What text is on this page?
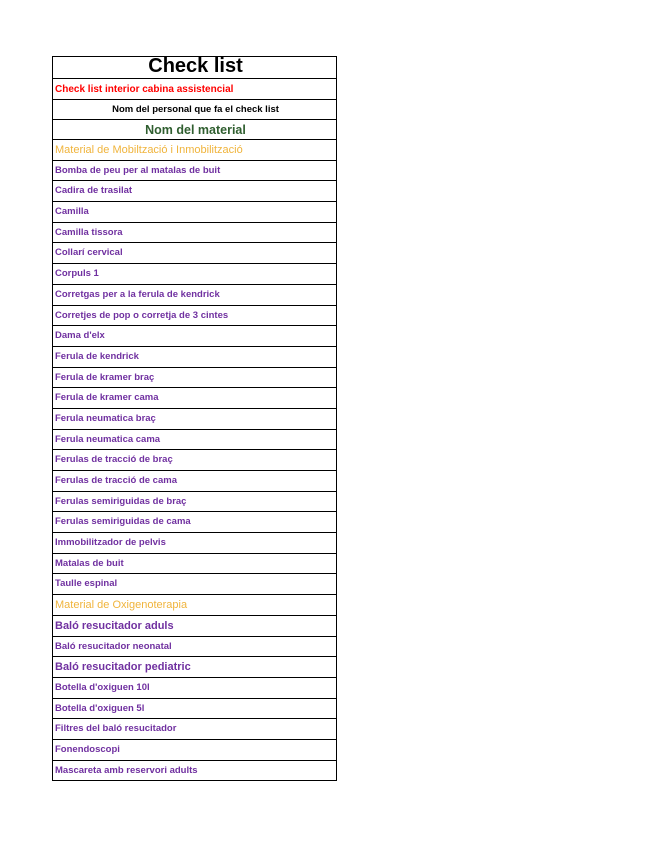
Check list
Check list interior cabina assistencial
Nom del personal que fa el check list
Nom del material
Material de Mobiltzació i Inmobilització
Bomba de peu per al matalas de buit
Cadira de trasilat
Camilla
Camilla tissora
Collarí cervical
Corpuls 1
Corretgas per a la ferula de kendrick
Corretjes de pop o corretja de 3 cintes
Dama d'elx
Ferula de kendrick
Ferula de kramer braç
Ferula de kramer cama
Ferula neumatica braç
Ferula neumatica cama
Ferulas de tracció de braç
Ferulas de tracció de cama
Ferulas semiriguidas de braç
Ferulas semiriguidas de cama
Immobilitzador de pelvis
Matalas de buit
Taulle espinal
Material de Oxigenoterapia
Baló resucitador aduls
Baló resucitador neonatal
Baló resucitador pediatric
Botella d'oxiguen 10l
Botella d'oxiguen 5l
Filtres del baló resucitador
Fonendoscopi
Mascareta amb reservori adults
